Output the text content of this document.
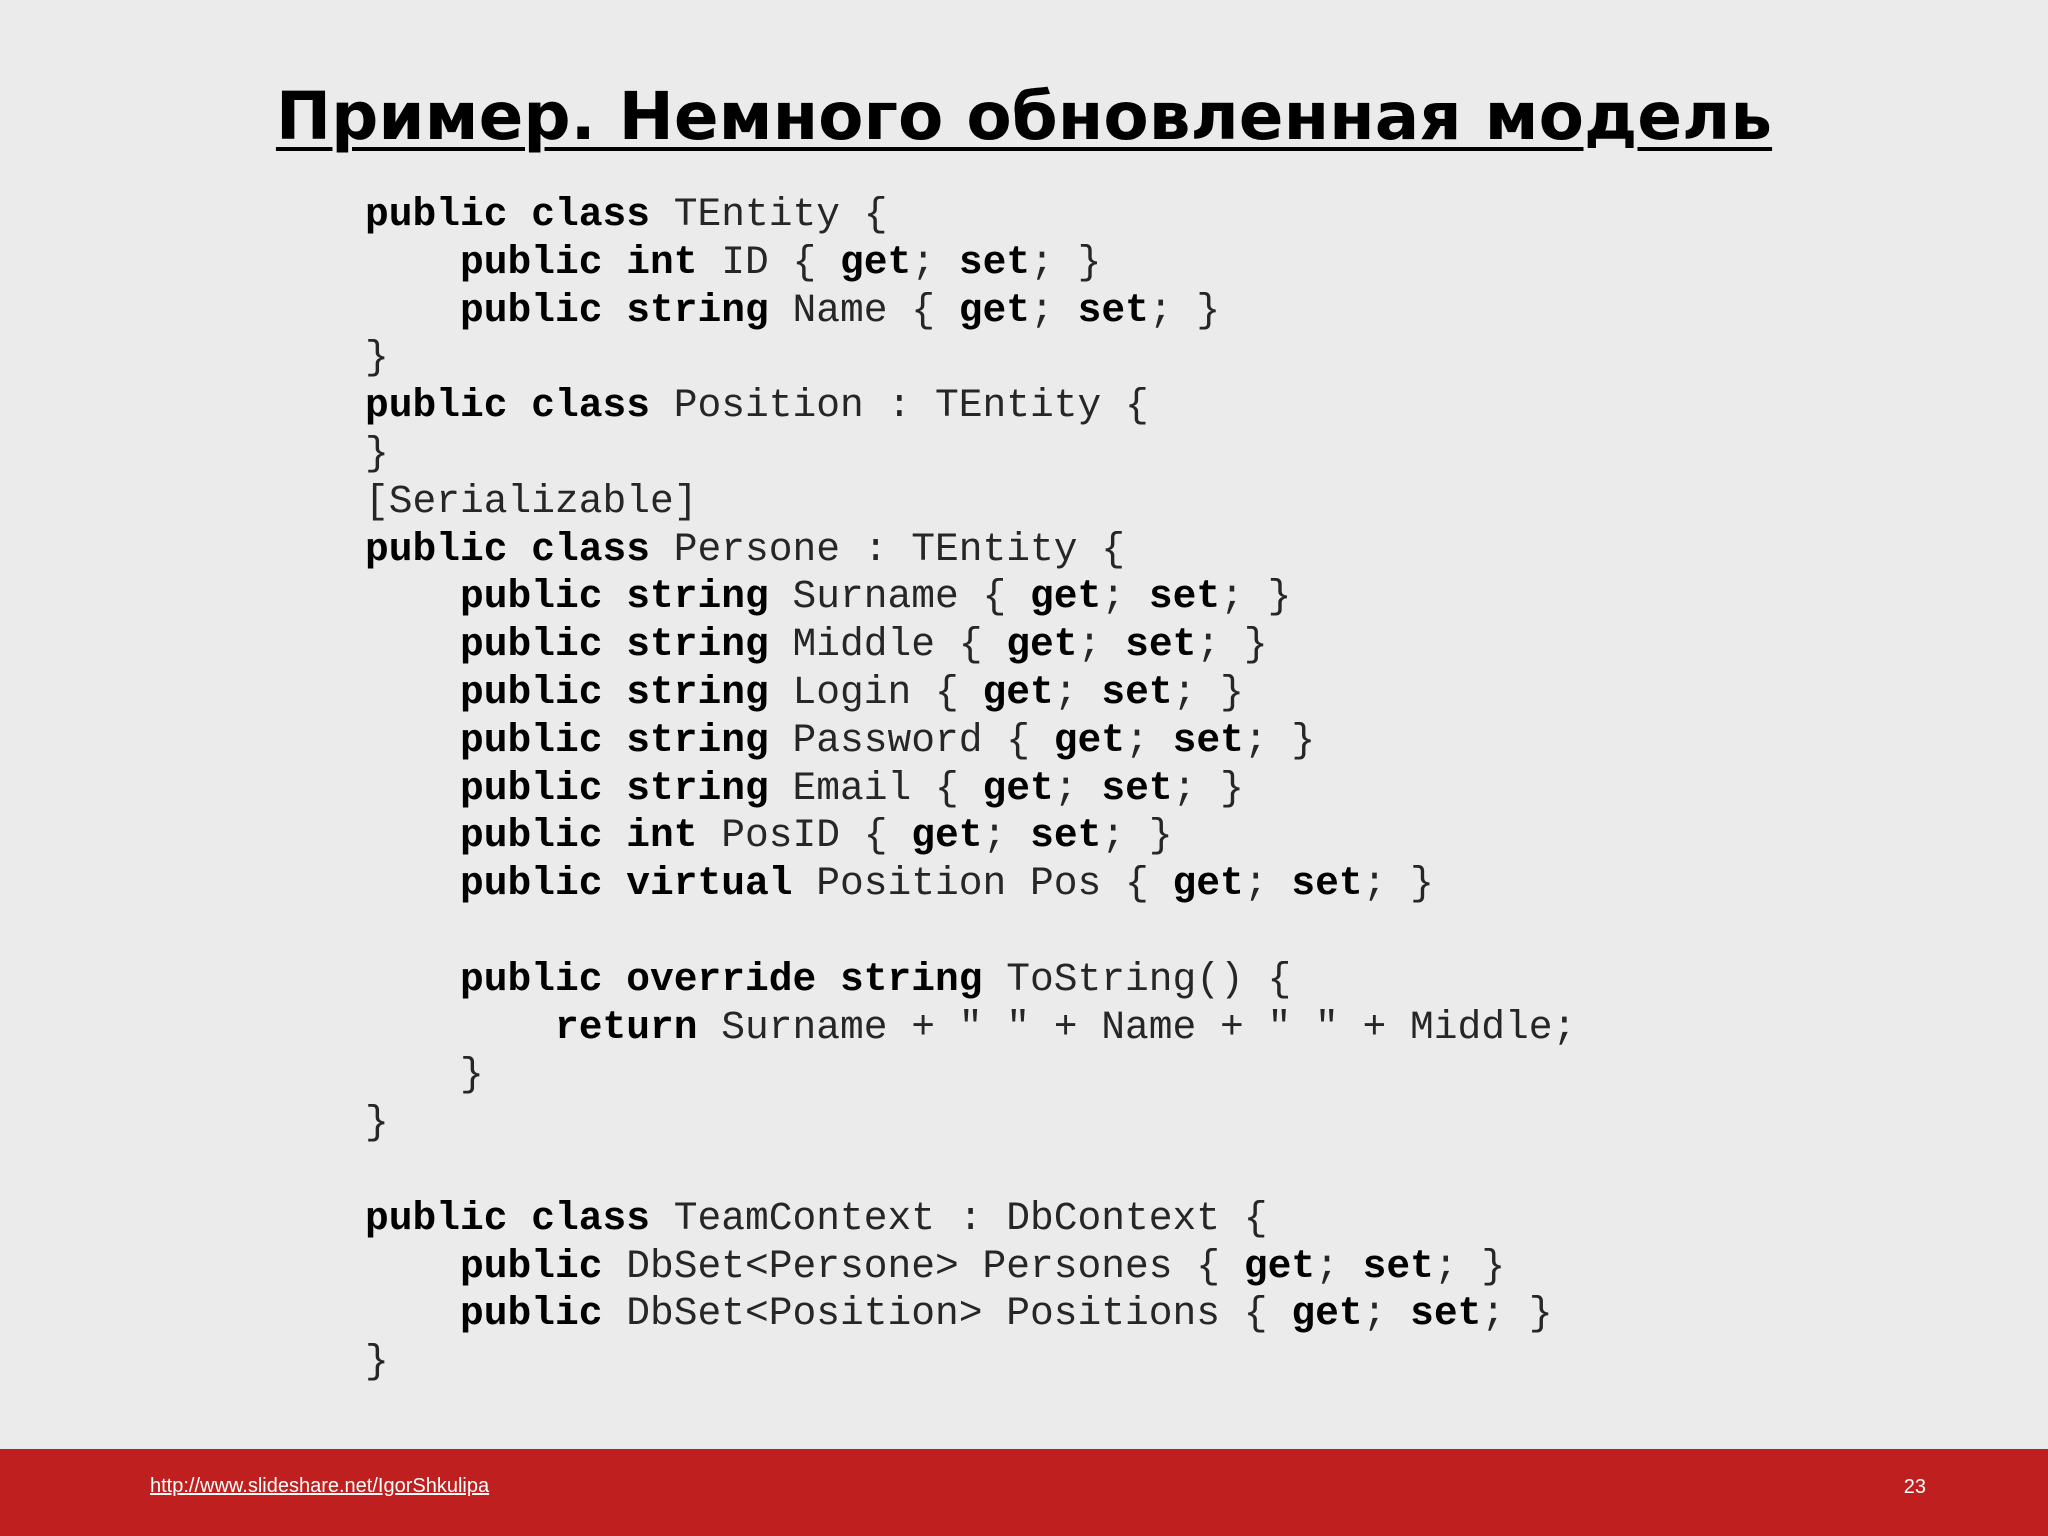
Пример. Немного обновленная модель
public class TEntity {
public int ID { get; set; }
public string Name { get; set; }
}
public class Position : TEntity {
}
[Serializable]
public class Persone : TEntity {
public string Surname { get; set; }
public string Middle { get; set; }
public string Login { get; set; }
public string Password { get; set; }
public string Email { get; set; }
public int PosID { get; set; }
public virtual Position Pos { get; set; }
public override string ToString() {
return Surname + " " + Name + " " + Middle;
}
}
public class TeamContext : DbContext {
public DbSet<Persone> Persones { get; set; }
public DbSet<Position> Positions { get; set; }
}
http://www.slideshare.net/IgorShkulipa	23
